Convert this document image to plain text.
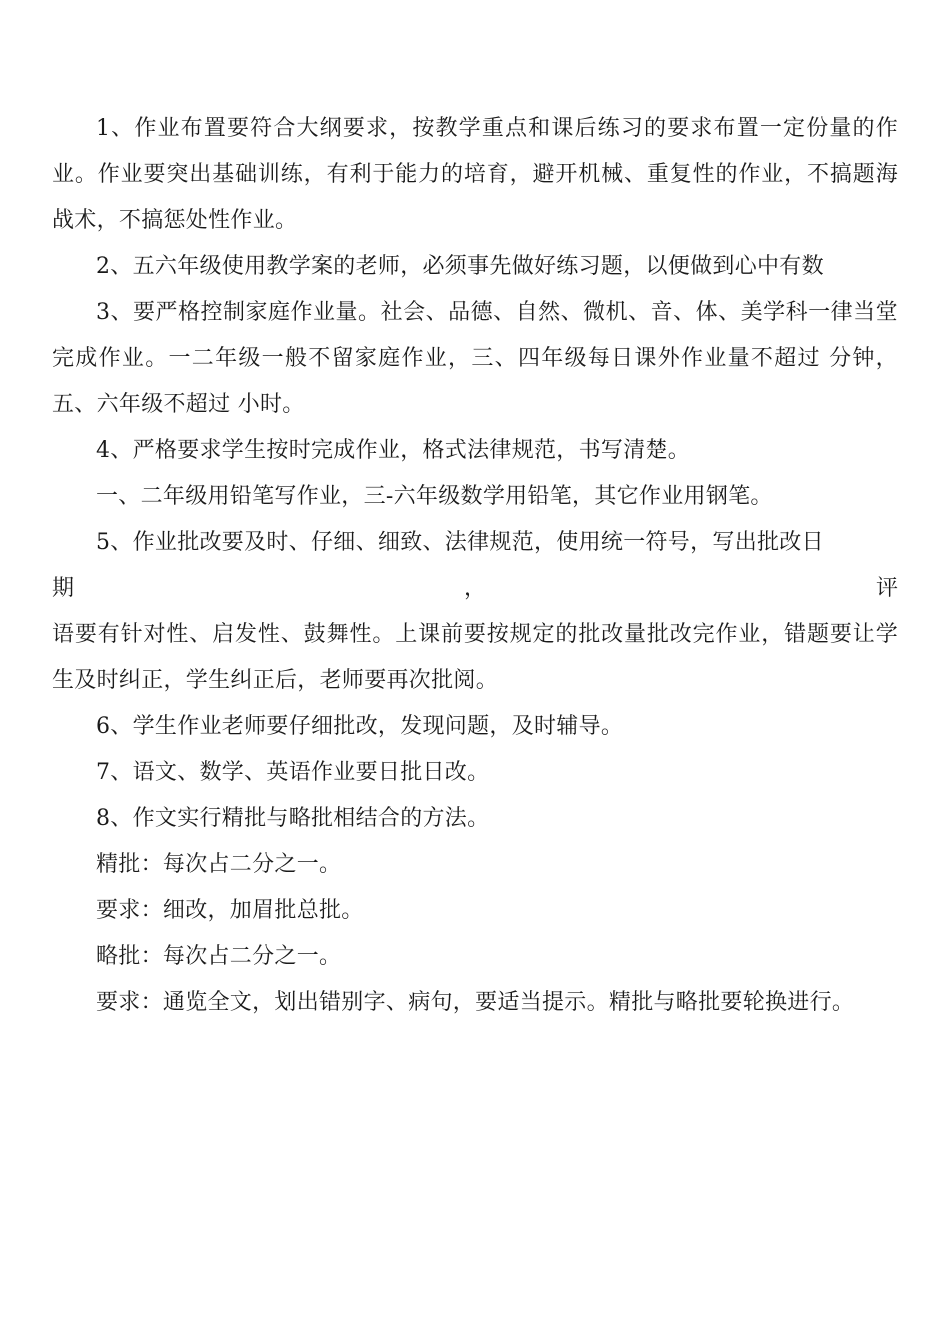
1、作业布置要符合大纲要求，按教学重点和课后练习的要求布置一定份量的作业。作业要突出基础训练，有利于能力的培育，避开机械、重复性的作业，不搞题海战术，不搞惩处性作业。

2、五六年级使用教学案的老师，必须事先做好练习题，以便做到心中有数

3、要严格控制家庭作业量。社会、品德、自然、微机、音、体、美学科一律当堂完成作业。一二年级一般不留家庭作业，三、四年级每日课外作业量不超过 分钟，五、六年级不超过 小时。

4、严格要求学生按时完成作业，格式法律规范，书写清楚。

一、二年级用铅笔写作业，三-六年级数学用铅笔，其它作业用钢笔。

5、作业批改要及时、仔细、细致、法律规范，使用统一符号，写出批改日

期	，	评

语要有针对性、启发性、鼓舞性。上课前要按规定的批改量批改完作业，错题要让学生及时纠正，学生纠正后，老师要再次批阅。

6、学生作业老师要仔细批改，发现问题，及时辅导。

7、语文、数学、英语作业要日批日改。

8、作文实行精批与略批相结合的方法。

精批：每次占二分之一。

要求：细改，加眉批总批。

略批：每次占二分之一。

要求：通览全文，划出错别字、病句，要适当提示。精批与略批要轮换进行。
